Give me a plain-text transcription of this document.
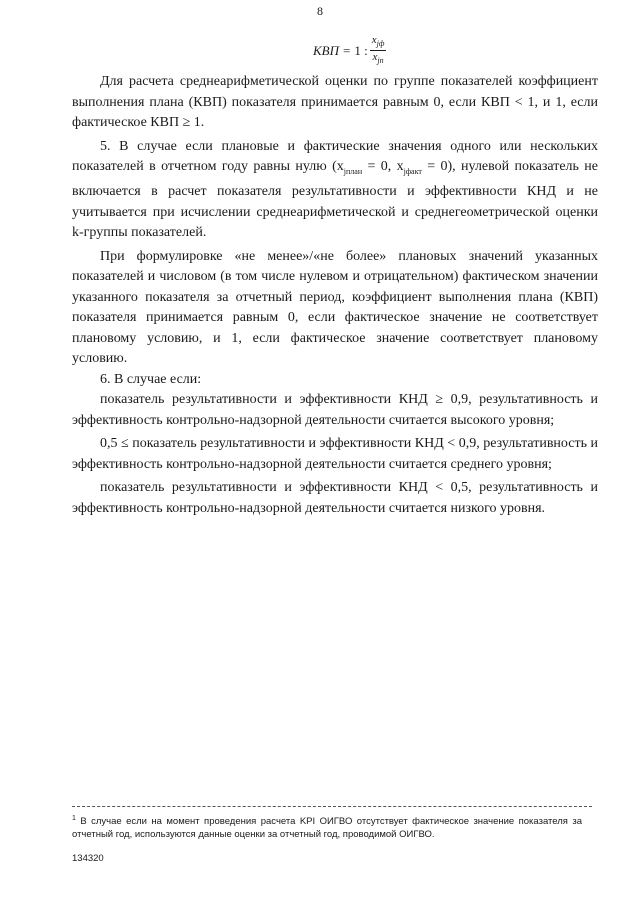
8
КВП = 1 : $\frac{x_{jф}}{x_{jп}}$

Для расчета среднеарифметической оценки по группе показателей коэффициент выполнения плана (КВП) показателя принимается равным 0, если КВП < 1, и 1, если фактическое КВП ≥ 1.

5. В случае если плановые и фактические значения одного или нескольких показателей в отчетном году равны нулю ($x_{jплан} = 0$, $x_{jфакт} = 0$), нулевой показатель не включается в расчет показателя результативности и эффективности КНД и не учитывается при исчислении среднеарифметической и среднегеометрической оценки k-группы показателей.

При формулировке «не менее»/«не более» плановых значений указанных показателей и числовом (в том числе нулевом и отрицательном) фактическом значении указанного показателя за отчетный период, коэффициент выполнения плана (КВП) показателя принимается равным 0, если фактическое значение не соответствует плановому условию, и 1, если фактическое значение соответствует плановому условию.

6. В случае если:

показатель результативности и эффективности КНД ≥ 0,9, результативность и эффективность контрольно-надзорной деятельности считается высокого уровня;

0,5 ≤ показатель результативности и эффективности КНД < 0,9, результативность и эффективность контрольно-надзорной деятельности считается среднего уровня;

показатель результативности и эффективности КНД < 0,5, результативность и эффективность контрольно-надзорной деятельности считается низкого уровня.

$^1$ В случае если на момент проведения расчета KPI ОИГВО отсутствует фактическое значение показателя за отчетный год, используются данные оценки за отчетный год, проводимой ОИГВО.
134320
